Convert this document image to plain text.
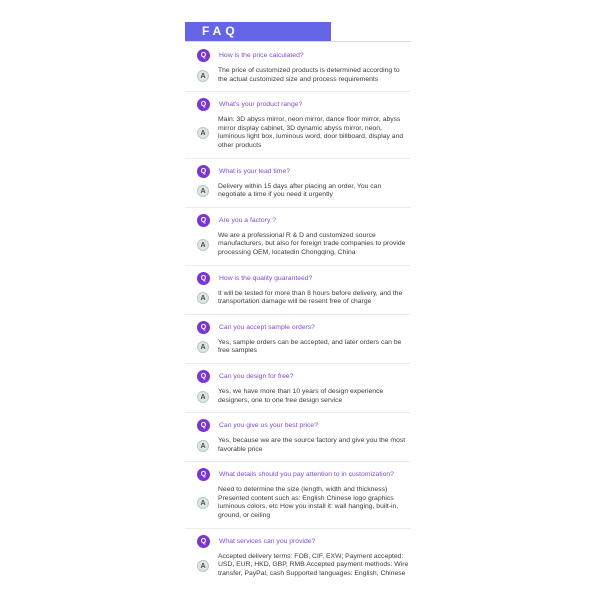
FAQ
Q	How is the price calculated?
A
The price of customized products is determined according to the actual customized size and process requirements
Q	What's your product range?
A
Main: 3D abyss mirror, neon mirror, dance floor mirror, abyss mirror display cabinet, 3D dynamic abyss mirror, neon, luminous light box, luminous word, door billboard, display and other products
Q	What is your lead time?
A
Delivery within 15 days after placing an order, You can negotiate a time if you need it urgently
Q	Are you a factory ?
A
We are a professional R & D and customized source manufacturers, but also for foreign trade companies to provide processing OEM, locatedin Chongqing, China
Q	How is the quality guaranteed?
A
It will be tested for more than 8 hours before delivery, and the transportation damage will be resent free of charge
Q	Can you accept sample orders?
A
Yes, sample orders can be accepted, and later orders can be free samples
Q	Can you design for free?
A
Yes, we have more than 10 years of design experience designers, one to one free design service
Q	Can you give us your best price?
A
Yes, because we are the source factory and give you the most favorable price
Q	What details should you pay attention to in customization?
A
Need to determine the size (length, width and thickness) Presented content such as: English Chinese logo graphics luminous colors, etc How you install it: wall hanging, built-in, ground, or ceiling
Q	What services can you provide?
A
Accepted delivery terms: FOB, CIF, EXW; Payment accepted: USD, EUR, HKD, GBP, RMB Accepted payment methods: Wire transfer, PayPal, cash Supported languages: English, Chinese
